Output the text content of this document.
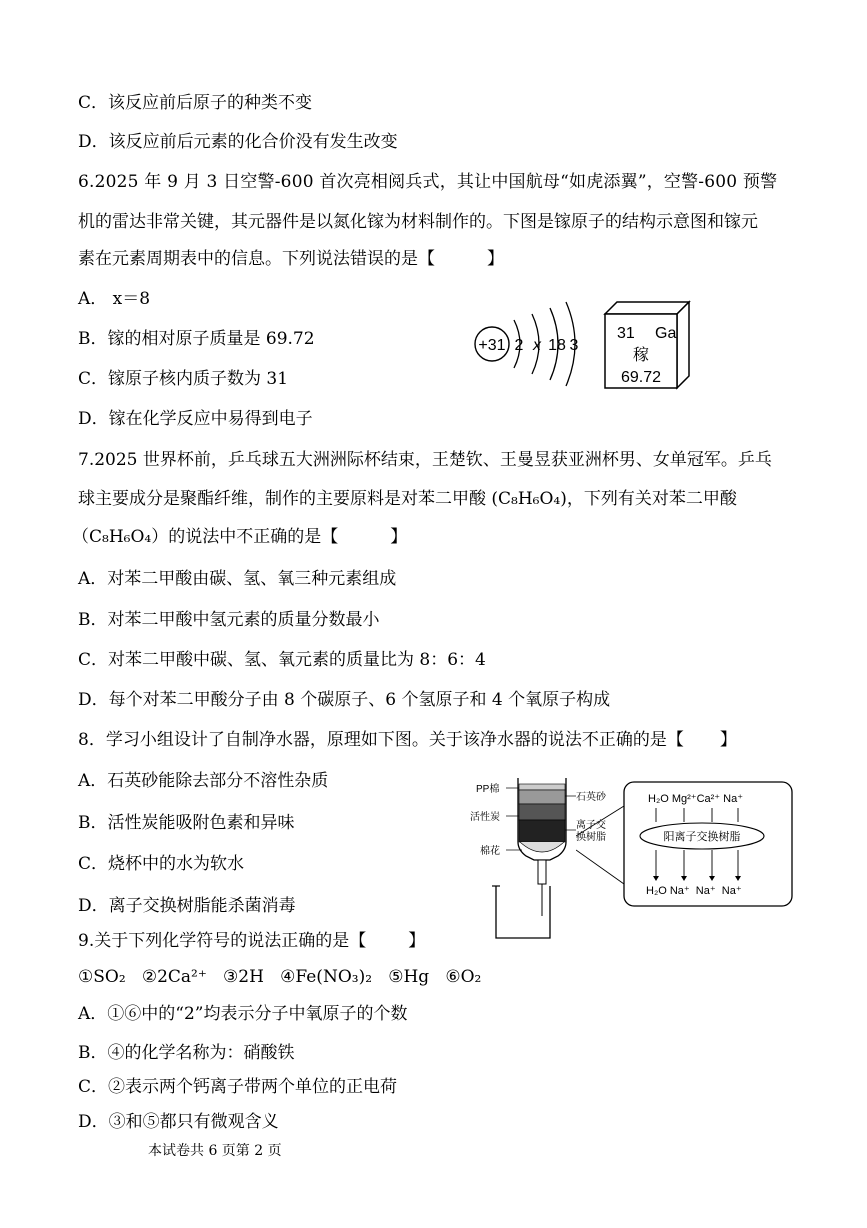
C．该反应前后原子的种类不变
D．该反应前后元素的化合价没有发生改变
6.2025 年 9 月 3 日空警-600 首次亮相阅兵式，其让中国航母“如虎添翼”，空警-600 预警
机的雷达非常关键，其元器件是以氮化镓为材料制作的。下图是镓原子的结构示意图和镓元
素在元素周期表中的信息。下列说法错误的是【	】
A． x＝8
B．镓的相对原子质量是 69.72
C．镓原子核内质子数为 31
D．镓在化学反应中易得到电子
+31 2 x 18 3
31 Ga
稼
69.72
7.2025 世界杯前，乒乓球五大洲洲际杯结束，王楚钦、王曼昱获亚洲杯男、女单冠军。乒乓
球主要成分是聚酯纤维，制作的主要原料是对苯二甲酸 (C₈H₆O₄)，下列有关对苯二甲酸
（C₈H₆O₄）的说法中不正确的是【	】
A．对苯二甲酸由碳、氢、氧三种元素组成
B．对苯二甲酸中氢元素的质量分数最小
C．对苯二甲酸中碳、氢、氧元素的质量比为 8：6：4
D．每个对苯二甲酸分子由 8 个碳原子、6 个氢原子和 4 个氧原子构成
8．学习小组设计了自制净水器，原理如下图。关于该净水器的说法不正确的是【 】
A．石英砂能除去部分不溶性杂质
B．活性炭能吸附色素和异味
C．烧杯中的水为软水
D．离子交换树脂能杀菌消毒
PP棉
活性炭
棉花
石英砂
离子交
换树脂
H₂O Mg²⁺Ca²⁺ Na⁺
阳离子交换树脂
H₂O Na⁺  Na⁺  Na⁺
9.关于下列化学符号的说法正确的是【 】
①SO₂   ②2Ca²⁺   ③2H   ④Fe(NO₃)₂   ⑤Hg   ⑥O₂
A．①⑥中的“2”均表示分子中氧原子的个数
B．④的化学名称为：硝酸铁
C．②表示两个钙离子带两个单位的正电荷
D．③和⑤都只有微观含义
本试卷共 6 页第 2 页
